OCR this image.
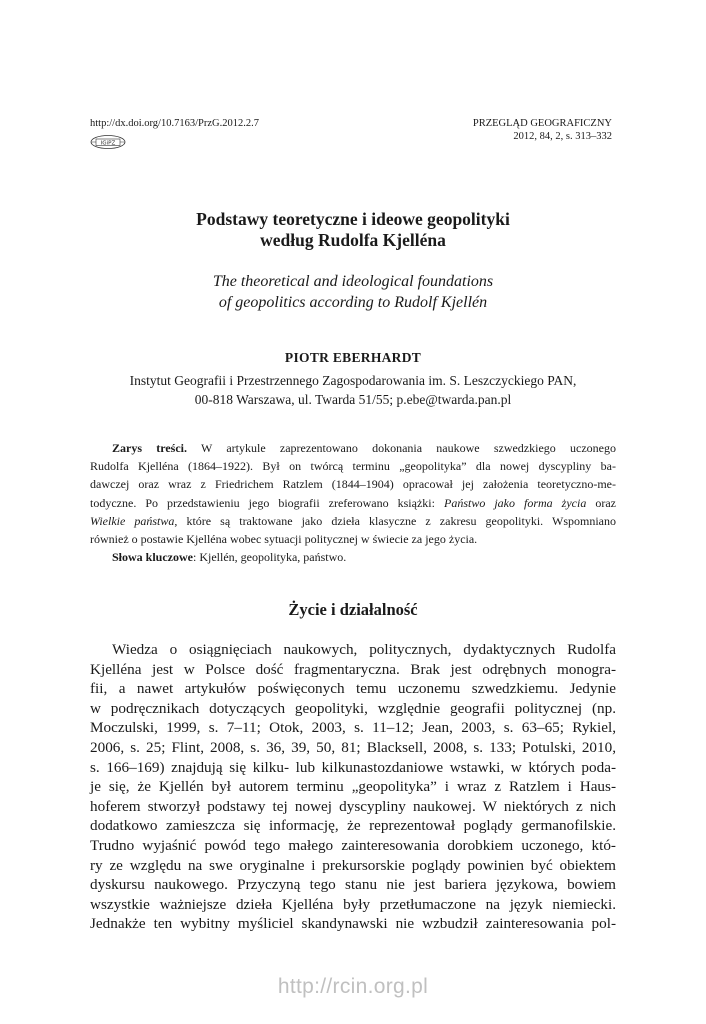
http://dx.doi.org/10.7163/PrzG.2012.2.7
IGiPZ
PRZEGLĄD GEOGRAFICZNY
2012, 84, 2, s. 313–332
Podstawy teoretyczne i ideowe geopolityki
według Rudolfa Kjelléna
The theoretical and ideological foundations
of geopolitics according to Rudolf Kjellén
PIOTR EBERHARDT
Instytut Geografii i Przestrzennego Zagospodarowania im. S. Leszczyckiego PAN,
00-818 Warszawa, ul. Twarda 51/55; p.ebe@twarda.pan.pl
Zarys treści. W artykule zaprezentowano dokonania naukowe szwedzkiego uczonego
Rudolfa Kjelléna (1864–1922). Był on twórcą terminu „geopolityka” dla nowej dyscypliny ba-
dawczej oraz wraz z Friedrichem Ratzlem (1844–1904) opracował jej założenia teoretyczno-me-
todyczne. Po przedstawieniu jego biografii zreferowano książki: Państwo jako forma życia oraz
Wielkie państwa, które są traktowane jako dzieła klasyczne z zakresu geopolityki. Wspomniano
również o postawie Kjelléna wobec sytuacji politycznej w świecie za jego życia.
Słowa kluczowe: Kjellén, geopolityka, państwo.
Życie i działalność
Wiedza o osiągnięciach naukowych, politycznych, dydaktycznych Rudolfa
Kjelléna jest w Polsce dość fragmentaryczna. Brak jest odrębnych monogra-
fii, a nawet artykułów poświęconych temu uczonemu szwedzkiemu. Jedynie
w podręcznikach dotyczących geopolityki, względnie geografii politycznej (np.
Moczulski, 1999, s. 7–11; Otok, 2003, s. 11–12; Jean, 2003, s. 63–65; Rykiel,
2006, s. 25; Flint, 2008, s. 36, 39, 50, 81; Blacksell, 2008, s. 133; Potulski, 2010,
s. 166–169) znajdują się kilku- lub kilkunastozdaniowe wstawki, w których poda-
je się, że Kjellén był autorem terminu „geopolityka” i wraz z Ratzlem i Haus-
hoferem stworzył podstawy tej nowej dyscypliny naukowej. W niektórych z nich
dodatkowo zamieszcza się informację, że reprezentował poglądy germanofilskie.
Trudno wyjaśnić powód tego małego zainteresowania dorobkiem uczonego, któ-
ry ze względu na swe oryginalne i prekursorskie poglądy powinien być obiektem
dyskursu naukowego. Przyczyną tego stanu nie jest bariera językowa, bowiem
wszystkie ważniejsze dzieła Kjelléna były przetłumaczone na język niemiecki.
Jednakże ten wybitny myśliciel skandynawski nie wzbudził zainteresowania pol-
http://rcin.org.pl
